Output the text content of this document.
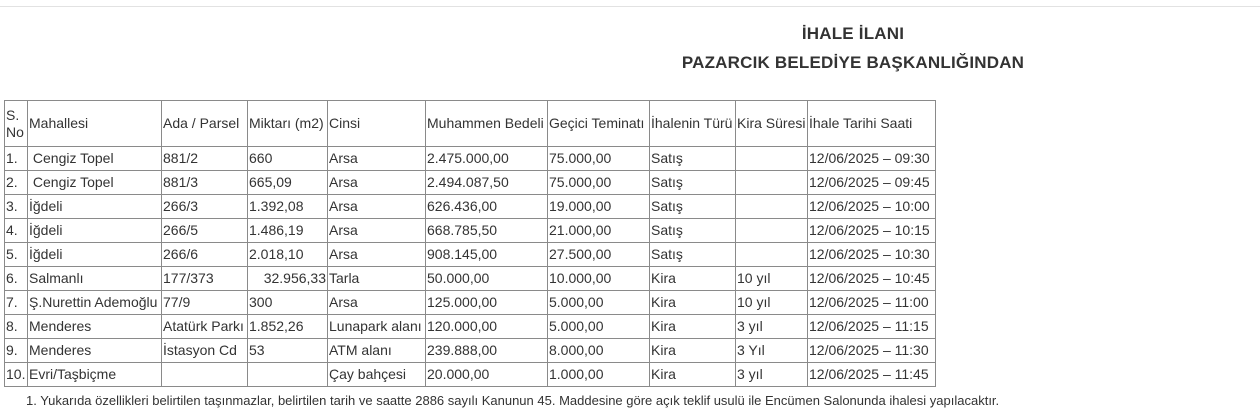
İHALE İLANI
PAZARCIK BELEDİYE BAŞKANLIĞINDAN
S. No	Mahallesi	Ada / Parsel	Miktarı (m2)	Cinsi	Muhammen Bedeli	Geçici Teminatı	İhalenin Türü	Kira Süresi	İhale Tarihi Saati
1.	Cengiz Topel	881/2	660	Arsa	2.475.000,00	75.000,00	Satış		12/06/2025 – 09:30
2.	Cengiz Topel	881/3	665,09	Arsa	2.494.087,50	75.000,00	Satış		12/06/2025 – 09:45
3.	İğdeli	266/3	1.392,08	Arsa	626.436,00	19.000,00	Satış		12/06/2025 – 10:00
4.	İğdeli	266/5	1.486,19	Arsa	668.785,50	21.000,00	Satış		12/06/2025 – 10:15
5.	İğdeli	266/6	2.018,10	Arsa	908.145,00	27.500,00	Satış		12/06/2025 – 10:30
6.	Salmanlı	177/373	32.956,33	Tarla	50.000,00	10.000,00	Kira	10 yıl	12/06/2025 – 10:45
7.	Ş.Nurettin Ademoğlu	77/9	300	Arsa	125.000,00	5.000,00	Kira	10 yıl	12/06/2025 – 11:00
8.	Menderes	Atatürk Parkı	1.852,26	Lunapark alanı	120.000,00	5.000,00	Kira	3 yıl	12/06/2025 – 11:15
9.	Menderes	İstasyon Cd	53	ATM alanı	239.888,00	8.000,00	Kira	3 Yıl	12/06/2025 – 11:30
10.	Evri/Taşbiçme			Çay bahçesi	20.000,00	1.000,00	Kira	3 yıl	12/06/2025 – 11:45
1. Yukarıda özellikleri belirtilen taşınmazlar, belirtilen tarih ve saatte 2886 sayılı Kanunun 45. Maddesine göre açık teklif usulü ile Encümen Salonunda ihalesi yapılacaktır.
